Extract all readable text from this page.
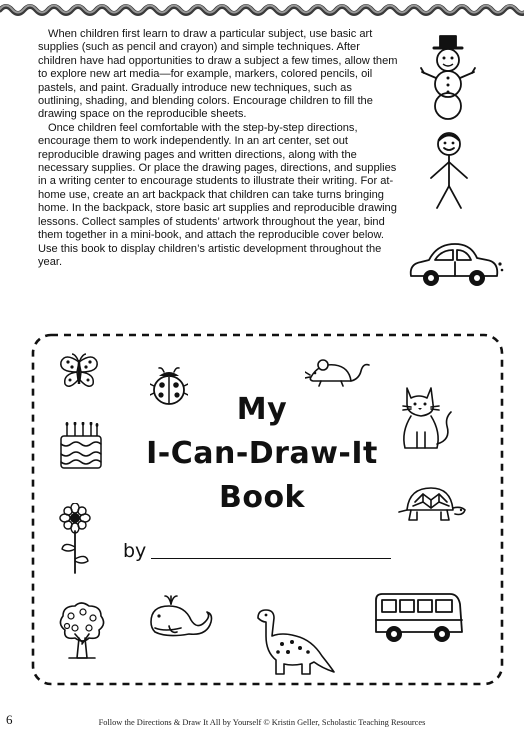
When children first learn to draw a particular subject, use basic art supplies (such as pencil and crayon) and simple techniques. After children have had opportunities to draw a subject a few times, allow them to explore new art media—for example, markers, colored pencils, oil pastels, and paint. Gradually introduce new techniques, such as outlining, shading, and blending colors. Encourage children to fill the drawing space on the reproducible sheets.

Once children feel comfortable with the step-by-step directions, encourage them to work independently. In an art center, set out reproducible drawing pages and written directions, along with the necessary supplies. Or place the drawing pages, directions, and supplies in a writing center to encourage students to illustrate their writing. For at-home use, create an art backpack that children can take turns bringing home. In the backpack, store basic art supplies and reproducible drawing lessons. Collect samples of students’ artwork throughout the year, bind them together in a mini-book, and attach the reproducible cover below. Use this book to display children’s artistic development throughout the year.

My
I-Can-Draw-It
Book
by
6	Follow the Directions & Draw It All by Yourself © Kristin Geller, Scholastic Teaching Resources
